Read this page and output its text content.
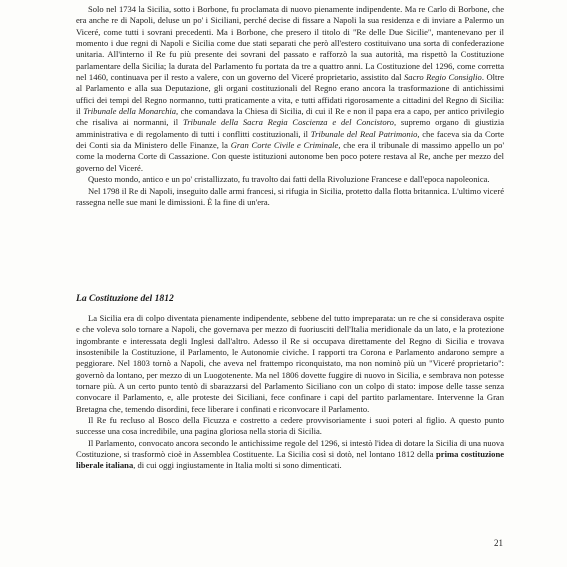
Solo nel 1734 la Sicilia, sotto i Borbone, fu proclamata di nuovo pienamente indipendente. Ma re Carlo di Borbone, che era anche re di Napoli, deluse un po' i Siciliani, perché decise di fissare a Napoli la sua residenza e di inviare a Palermo un Viceré, come tutti i sovrani precedenti. Ma i Borbone, che presero il titolo di "Re delle Due Sicilie", mantenevano per il momento i due regni di Napoli e Sicilia come due stati separati che però all'estero costituivano una sorta di confederazione unitaria. All'interno il Re fu più presente dei sovrani del passato e rafforzò la sua autorità, ma rispettò la Costituzione parlamentare della Sicilia; la durata del Parlamento fu portata da tre a quattro anni. La Costituzione del 1296, come corretta nel 1460, continuava per il resto a valere, con un governo del Viceré proprietario, assistito dal Sacro Regio Consiglio. Oltre al Parlamento e alla sua Deputazione, gli organi costituzionali del Regno erano ancora la trasformazione di antichissimi uffici dei tempi del Regno normanno, tutti praticamente a vita, e tutti affidati rigorosamente a cittadini del Regno di Sicilia: il Tribunale della Monarchia, che comandava la Chiesa di Sicilia, di cui il Re e non il papa era a capo, per antico privilegio che risaliva ai normanni, il Tribunale della Sacra Regia Coscienza e del Concistoro, supremo organo di giustizia amministrativa e di regolamento di tutti i conflitti costituzionali, il Tribunale del Real Patrimonio, che faceva sia da Corte dei Conti sia da Ministero delle Finanze, la Gran Corte Civile e Criminale, che era il tribunale di massimo appello un po' come la moderna Corte di Cassazione. Con queste istituzioni autonome ben poco potere restava al Re, anche per mezzo del governo del Viceré.

Questo mondo, antico e un po' cristallizzato, fu travolto dai fatti della Rivoluzione Francese e dall'epoca napoleonica.

Nel 1798 il Re di Napoli, inseguito dalle armi francesi, si rifugia in Sicilia, protetto dalla flotta britannica. L'ultimo viceré rassegna nelle sue mani le dimissioni. È la fine di un'era.

La Costituzione del 1812

La Sicilia era di colpo diventata pienamente indipendente, sebbene del tutto impreparata: un re che si considerava ospite e che voleva solo tornare a Napoli, che governava per mezzo di fuoriusciti dell'Italia meridionale da un lato, e la protezione ingombrante e interessata degli Inglesi dall'altro. Adesso il Re si occupava direttamente del Regno di Sicilia e trovava insostenibile la Costituzione, il Parlamento, le Autonomie civiche. I rapporti tra Corona e Parlamento andarono sempre a peggiorare. Nel 1803 tornò a Napoli, che aveva nel frattempo riconquistato, ma non nominò più un "Viceré proprietario": governò da lontano, per mezzo di un Luogotenente. Ma nel 1806 dovette fuggire di nuovo in Sicilia, e sembrava non potesse tornare più. A un certo punto tentò di sbarazzarsi del Parlamento Siciliano con un colpo di stato: impose delle tasse senza convocare il Parlamento, e, alle proteste dei Siciliani, fece confinare i capi del partito parlamentare. Intervenne la Gran Bretagna che, temendo disordini, fece liberare i confinati e riconvocare il Parlamento.

Il Re fu recluso al Bosco della Ficuzza e costretto a cedere provvisoriamente i suoi poteri al figlio. A questo punto successe una cosa incredibile, una pagina gloriosa nella storia di Sicilia.

Il Parlamento, convocato ancora secondo le antichissime regole del 1296, si intestò l'idea di dotare la Sicilia di una nuova Costituzione, si trasformò cioè in Assemblea Costituente. La Sicilia così si dotò, nel lontano 1812 della prima costituzione liberale italiana, di cui oggi ingiustamente in Italia molti si sono dimenticati.

21
